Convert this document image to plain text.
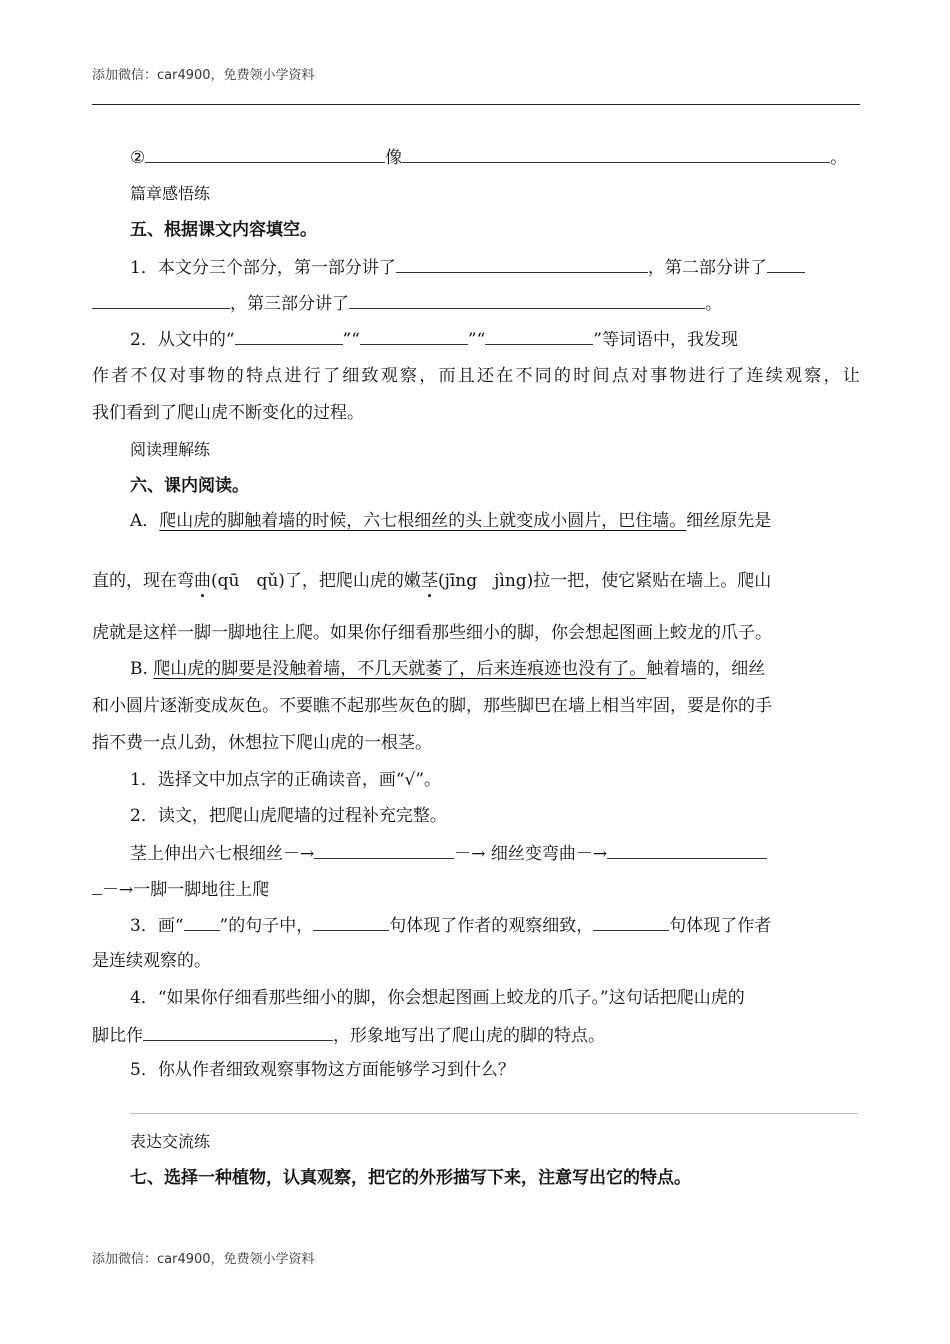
添加微信：car4900，免费领小学资料
②	像	。
篇章感悟练
五、根据课文内容填空。
1．本文分三个部分，第一部分讲了	，第二部分讲了
，第三部分讲了	。
2．从文中的“	”“	”“	”等词语中，我发现
作 者 不 仅 对 事 物 的 特 点 进 行 了 细 致 观 察 ， 而 且 还 在 不 同 的 时 间 点 对 事 物 进 行 了 连 续 观 察 ， 让
我们看到了爬山虎不断变化的过程。
阅读理解练
六、课内阅读。
A．爬山虎的脚触着墙的时候，六七根细丝的头上就变成小圆片，巴住墙。细丝原先是
直的，现在弯曲(qū　qǔ)了，把爬山虎的嫩茎(jīng　jìng)拉一把，使它紧贴在墙上。爬山
虎就是这样一脚一脚地往上爬。如果你仔细看那些细小的脚，你会想起图画上蛟龙的爪子。
B. 爬山虎的脚要是没触着墙，不几天就萎了，后来连痕迹也没有了。触着墙的，细丝
和小圆片逐渐变成灰色。不要瞧不起那些灰色的脚，那些脚巴在墙上相当牢固，要是你的手
指不费一点儿劲，休想拉下爬山虎的一根茎。
1．选择文中加点字的正确读音，画“√”。
2．读文，把爬山虎爬墙的过程补充完整。
茎上伸出六七根细丝－→	－→ 细丝变弯曲－→
－→一脚一脚地往上爬
3．画“ ”的句子中，	句体现了作者的观察细致，	句体现了作者
是连续观察的。
4．“如果你仔细看那些细小的脚，你会想起图画上蛟龙的爪子。”这句话把爬山虎的
脚比作	，形象地写出了爬山虎的脚的特点。
5．你从作者细致观察事物这方面能够学习到什么？
表达交流练
七、选择一种植物，认真观察，把它的外形描写下来，注意写出它的特点。
添加微信：car4900，免费领小学资料
